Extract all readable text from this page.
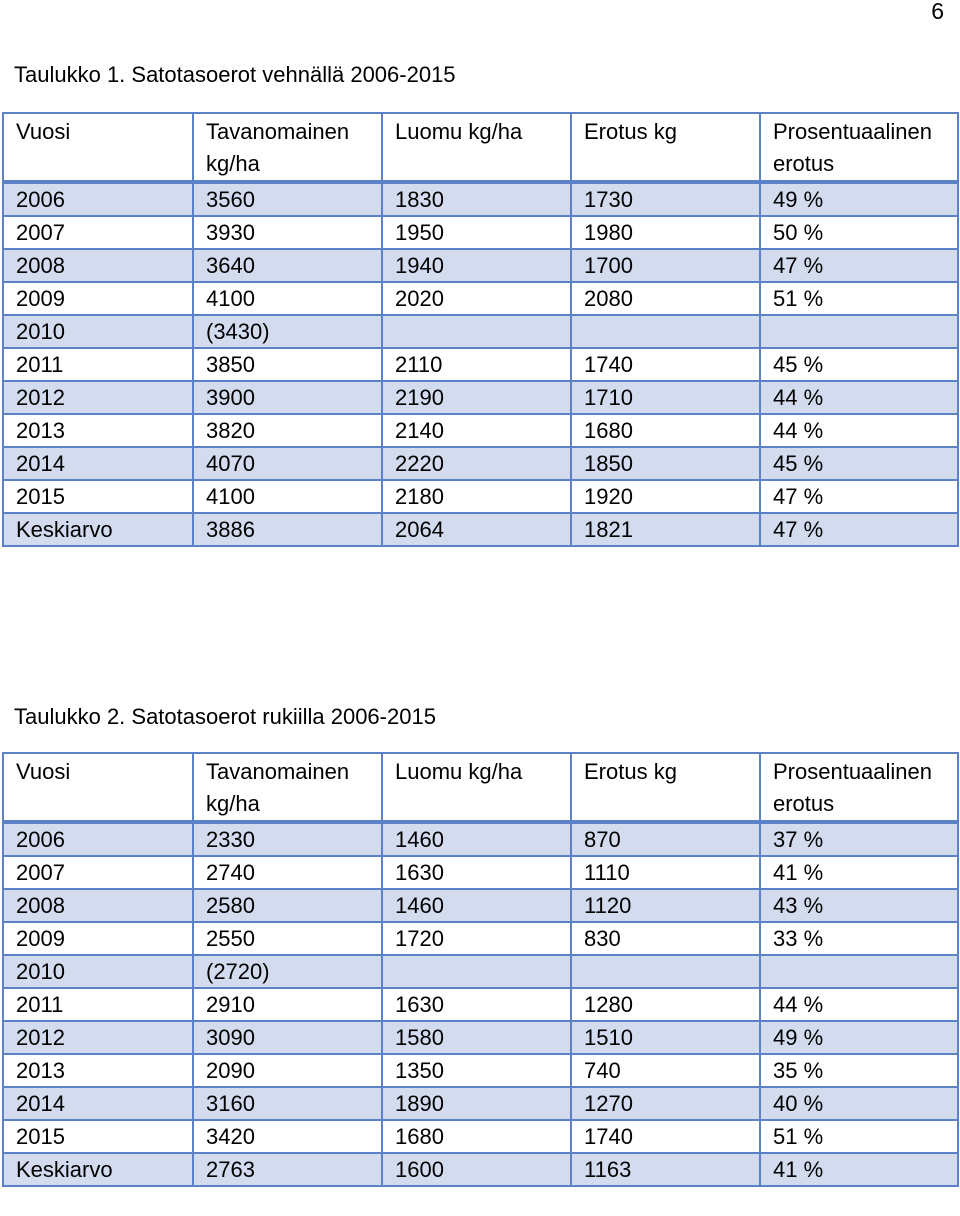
6
Taulukko 1. Satotasoerot vehnällä 2006-2015
Vuosi	Tavanomainen kg/ha	Luomu kg/ha	Erotus kg	Prosentuaalinen erotus

2006	3560	1830	1730	49 %
2007	3930	1950	1980	50 %
2008	3640	1940	1700	47 %
2009	4100	2020	2080	51 %
2010	(3430)			
2011	3850	2110	1740	45 %
2012	3900	2190	1710	44 %
2013	3820	2140	1680	44 %
2014	4070	2220	1850	45 %
2015	4100	2180	1920	47 %
Keskiarvo	3886	2064	1821	47 %
Taulukko 2. Satotasoerot rukiilla 2006-2015
Vuosi	Tavanomainen kg/ha	Luomu kg/ha	Erotus kg	Prosentuaalinen erotus

2006	2330	1460	870	37 %
2007	2740	1630	1110	41 %
2008	2580	1460	1120	43 %
2009	2550	1720	830	33 %
2010	(2720)			
2011	2910	1630	1280	44 %
2012	3090	1580	1510	49 %
2013	2090	1350	740	35 %
2014	3160	1890	1270	40 %
2015	3420	1680	1740	51 %
Keskiarvo	2763	1600	1163	41 %
